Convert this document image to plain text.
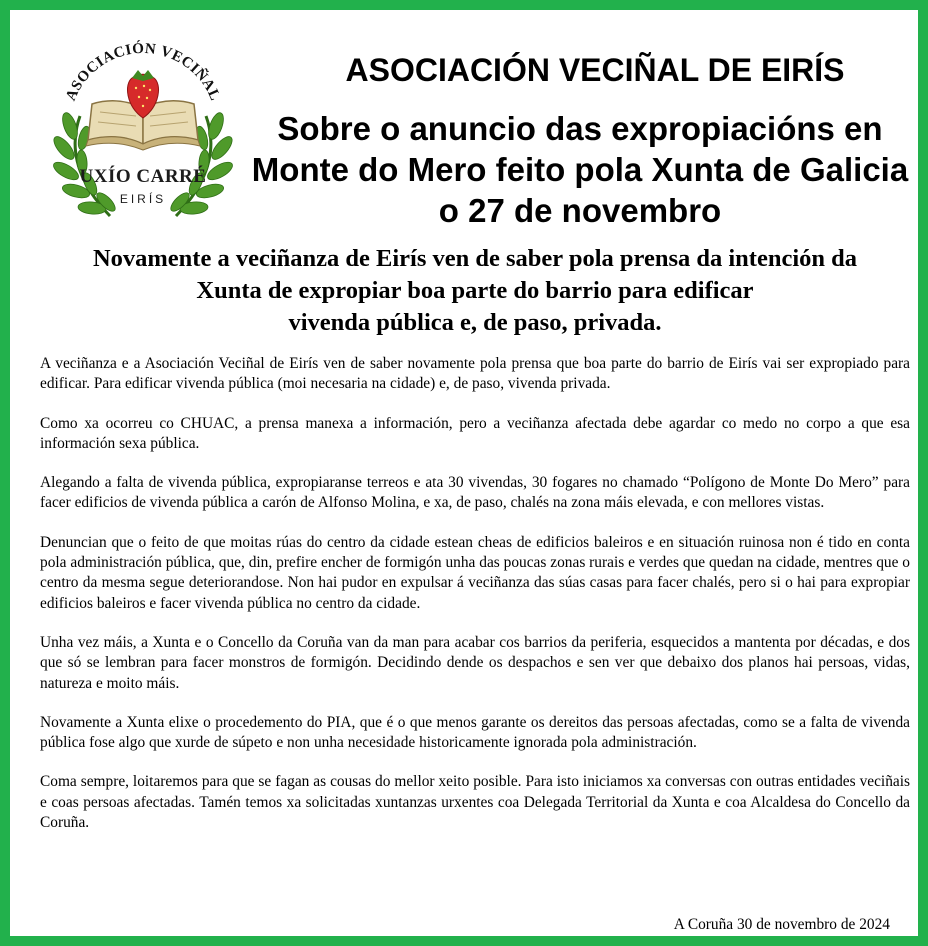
ASOCIACIÓN VECIÑAL
UXÍO CARRÉ
EIRÍS
ASOCIACIÓN VECIÑAL DE EIRÍS
Sobre o anuncio das expropiacións en Monte do Mero feito pola Xunta de Galicia o 27 de novembro
Novamente a veciñanza de Eirís ven de saber pola prensa da intención da
Xunta de expropiar boa parte do barrio para edificar
vivenda pública e, de paso, privada.

A veciñanza e a Asociación Veciñal de Eirís ven de saber novamente pola prensa que boa parte do barrio de Eirís vai ser expropiado para edificar. Para edificar vivenda pública (moi necesaria na cidade) e, de paso, vivenda privada.

Como xa ocorreu co CHUAC, a prensa manexa a información, pero a veciñanza afectada debe agardar co medo no corpo a que esa información sexa pública.

Alegando a falta de vivenda pública, expropiaranse terreos e ata 30 vivendas, 30 fogares no chamado “Polígono de Monte Do Mero” para facer edificios de vivenda pública a carón de Alfonso Molina, e xa, de paso, chalés na zona máis elevada, e con mellores vistas.

Denuncian que o feito de que moitas rúas do centro da cidade estean cheas de edificios baleiros e en situación ruinosa non é tido en conta pola administración pública, que, din, prefire encher de formigón unha das poucas zonas rurais e verdes que quedan na cidade, mentres que o centro da mesma segue deteriorandose. Non hai pudor en expulsar á veciñanza das súas casas para facer chalés, pero si o hai para expropiar edificios baleiros e facer vivenda pública no centro da cidade.

Unha vez máis, a Xunta e o Concello da Coruña van da man para acabar cos barrios da periferia, esquecidos a mantenta por décadas, e dos que só se lembran para facer monstros de formigón. Decidindo dende os despachos e sen ver que debaixo dos planos hai persoas, vidas, natureza e moito máis.

Novamente a Xunta elixe o procedemento do PIA, que é o que menos garante os dereitos das persoas afectadas, como se a falta de vivenda pública fose algo que xurde de súpeto e non unha necesidade historicamente ignorada pola administración.

Coma sempre, loitaremos para que se fagan as cousas do mellor xeito posible. Para isto iniciamos xa conversas con outras entidades veciñais e coas persoas afectadas. Tamén temos xa solicitadas xuntanzas urxentes coa Delegada Territorial da Xunta e coa Alcaldesa do Concello da Coruña.

A Coruña 30 de novembro de 2024
